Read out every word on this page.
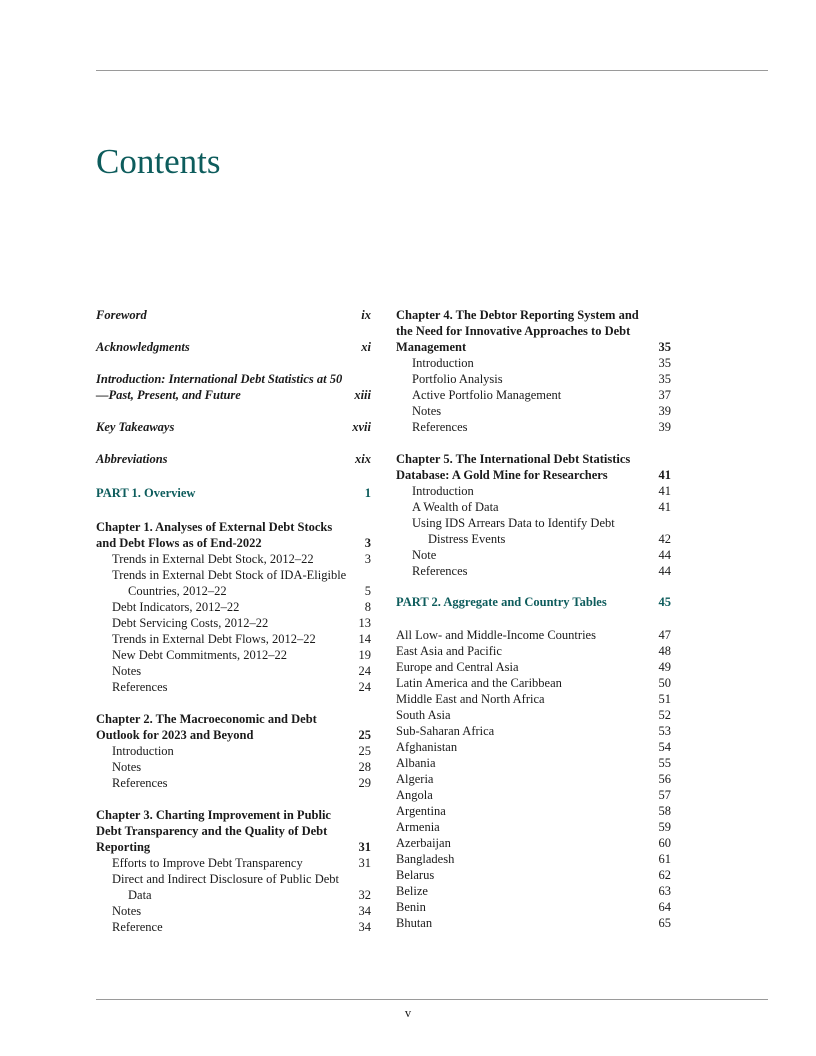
Contents
Foreword	ix
Acknowledgments	xi
Introduction: International Debt Statistics at 50—Past, Present, and Future	xiii
Key Takeaways	xvii
Abbreviations	xix
PART 1. Overview	1
Chapter 1. Analyses of External Debt Stocks and Debt Flows as of End-2022	3
Trends in External Debt Stock, 2012–22	3
Trends in External Debt Stock of IDA-Eligible Countries, 2012–22	5
Debt Indicators, 2012–22	8
Debt Servicing Costs, 2012–22	13
Trends in External Debt Flows, 2012–22	14
New Debt Commitments, 2012–22	19
Notes	24
References	24
Chapter 2. The Macroeconomic and Debt Outlook for 2023 and Beyond	25
Introduction	25
Notes	28
References	29
Chapter 3. Charting Improvement in Public Debt Transparency and the Quality of Debt Reporting	31
Efforts to Improve Debt Transparency	31
Direct and Indirect Disclosure of Public Debt Data	32
Notes	34
Reference	34
Chapter 4. The Debtor Reporting System and the Need for Innovative Approaches to Debt Management	35
Introduction	35
Portfolio Analysis	35
Active Portfolio Management	37
Notes	39
References	39
Chapter 5. The International Debt Statistics Database: A Gold Mine for Researchers	41
Introduction	41
A Wealth of Data	41
Using IDS Arrears Data to Identify Debt Distress Events	42
Note	44
References	44
PART 2. Aggregate and Country Tables	45
All Low- and Middle-Income Countries	47
East Asia and Pacific	48
Europe and Central Asia	49
Latin America and the Caribbean	50
Middle East and North Africa	51
South Asia	52
Sub-Saharan Africa	53
Afghanistan	54
Albania	55
Algeria	56
Angola	57
Argentina	58
Armenia	59
Azerbaijan	60
Bangladesh	61
Belarus	62
Belize	63
Benin	64
Bhutan	65
v
